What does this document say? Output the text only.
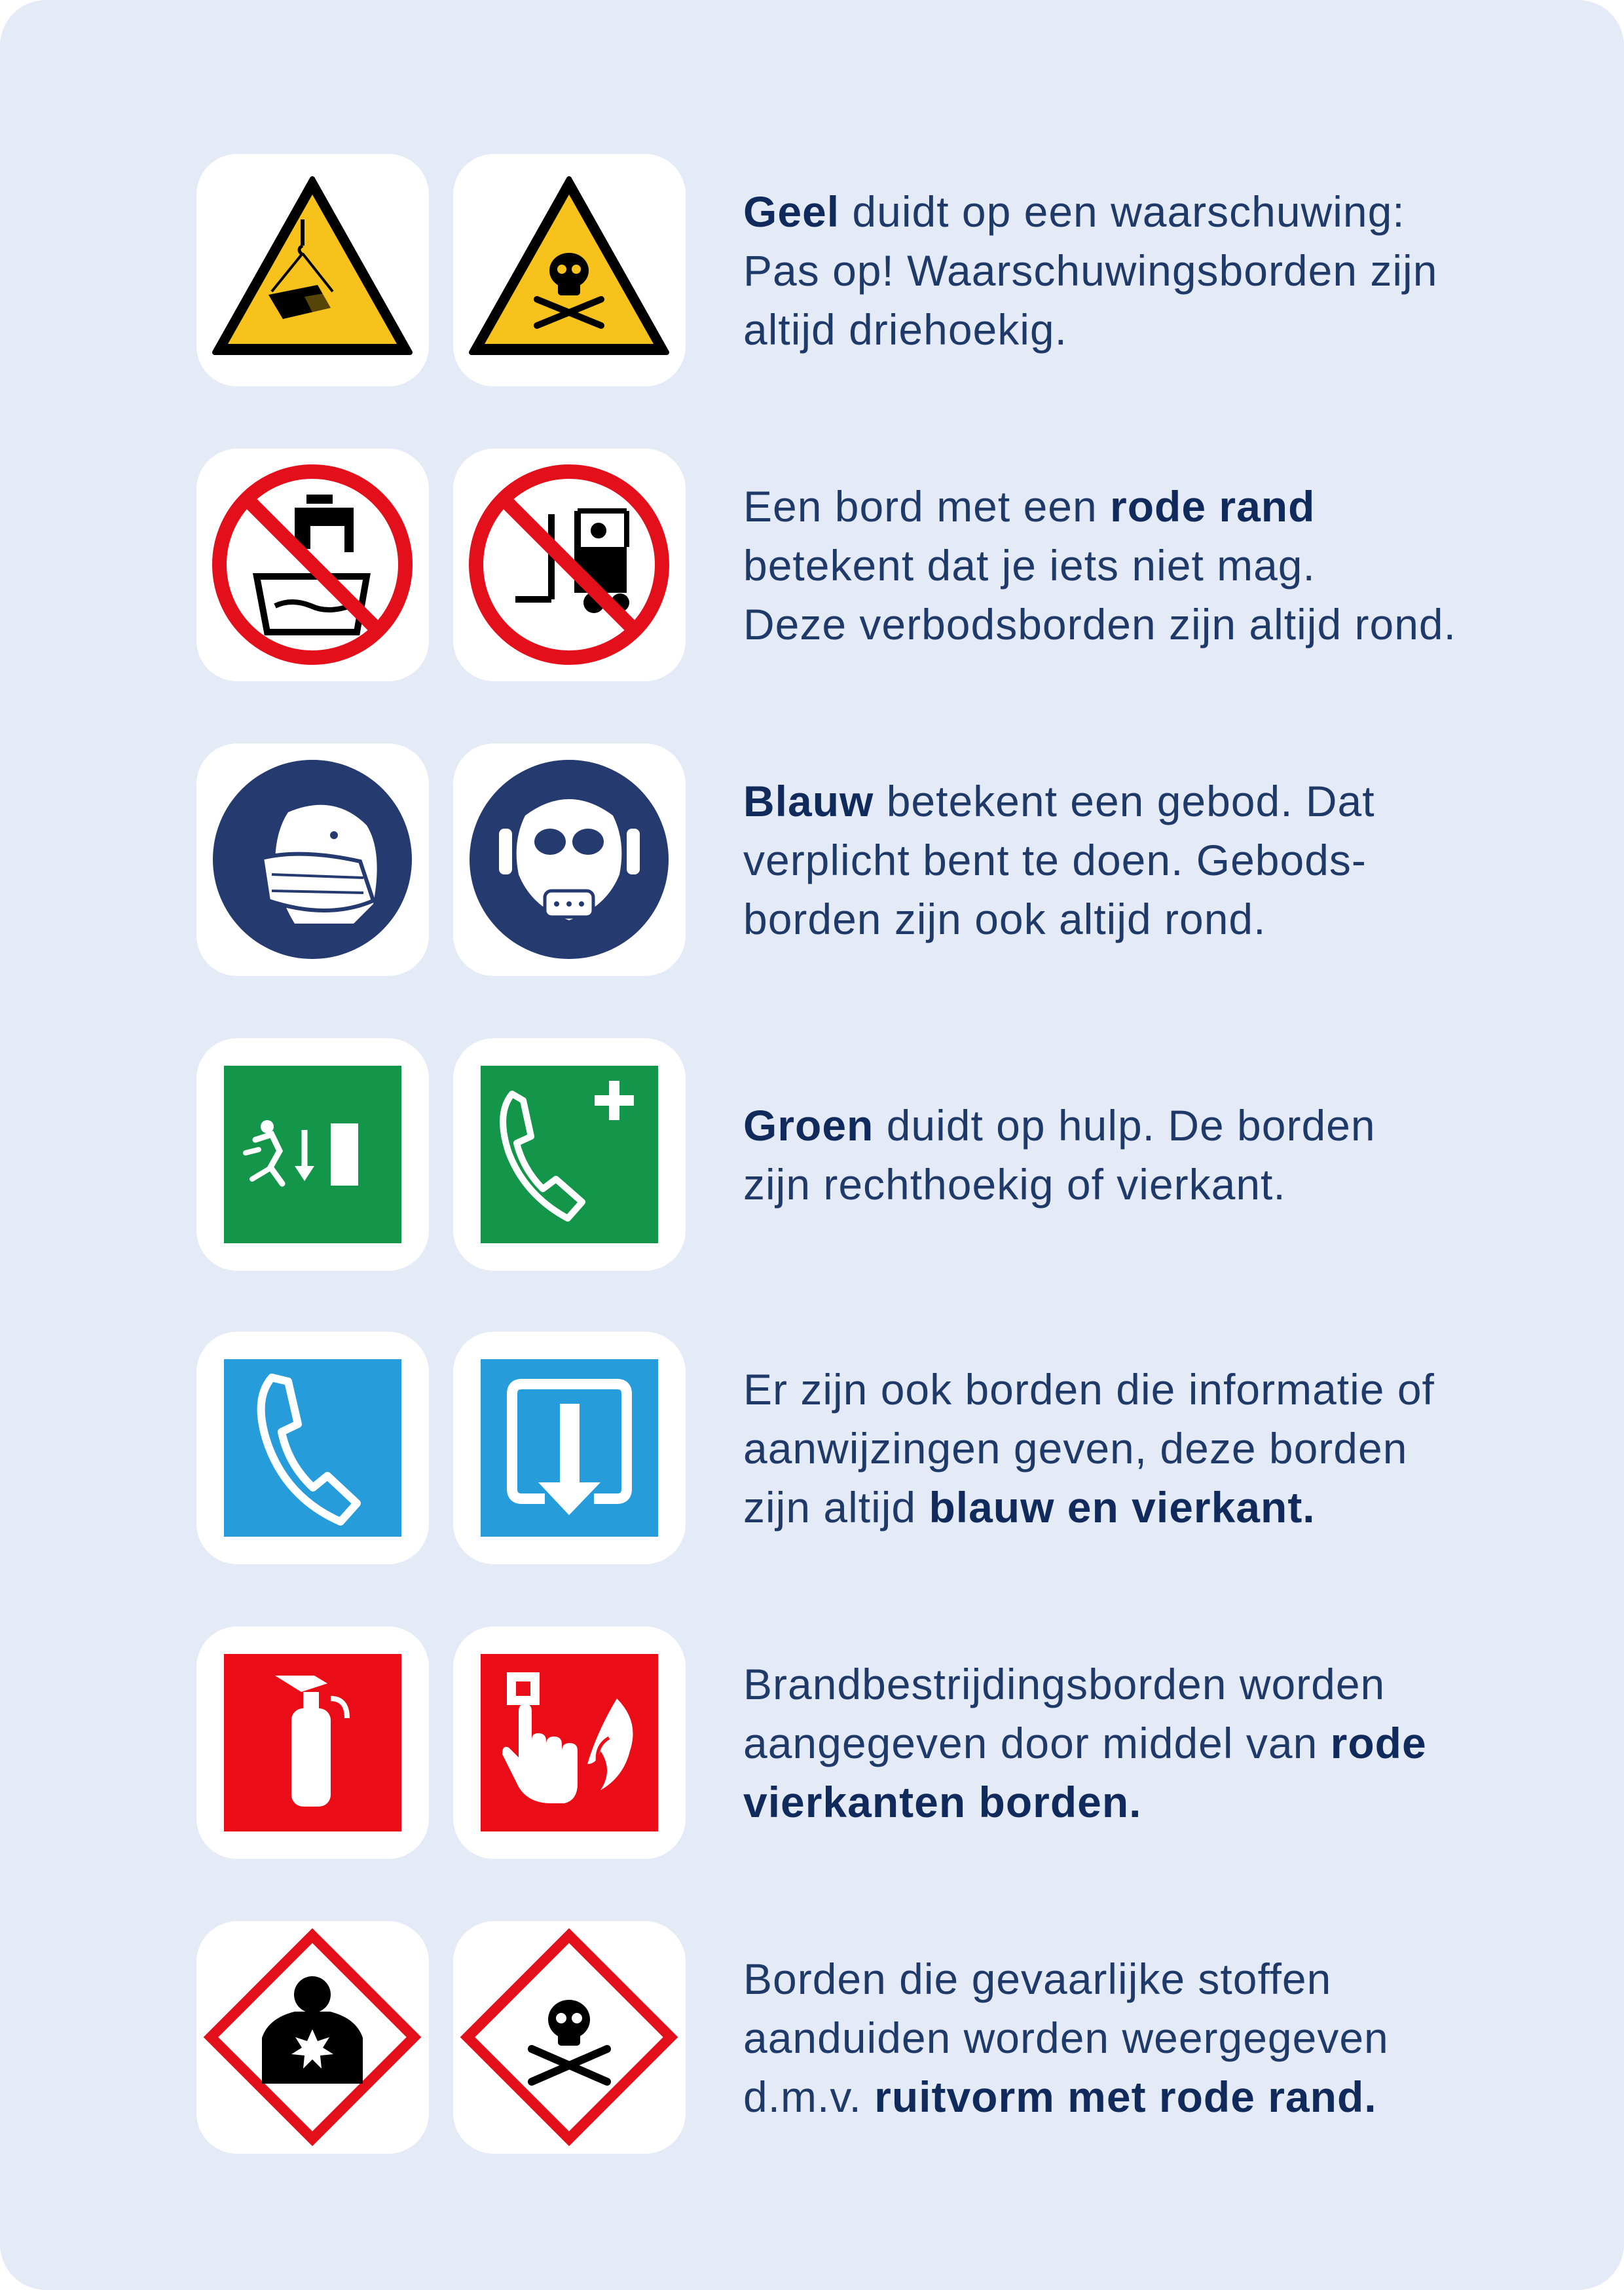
Geel duidt op een waarschuwing:
Pas op! Waarschuwingsborden zijn
altijd driehoekig.
Een bord met een rode rand
betekent dat je iets niet mag.
Deze verbodsborden zijn altijd rond.
Blauw betekent een gebod. Dat
verplicht bent te doen. Gebods-
borden zijn ook altijd rond.
Groen duidt op hulp. De borden
zijn rechthoekig of vierkant.
Er zijn ook borden die informatie of
aanwijzingen geven, deze borden
zijn altijd blauw en vierkant.
Brandbestrijdingsborden worden
aangegeven door middel van rode
vierkanten borden.
Borden die gevaarlijke stoffen
aanduiden worden weergegeven
d.m.v. ruitvorm met rode rand.
